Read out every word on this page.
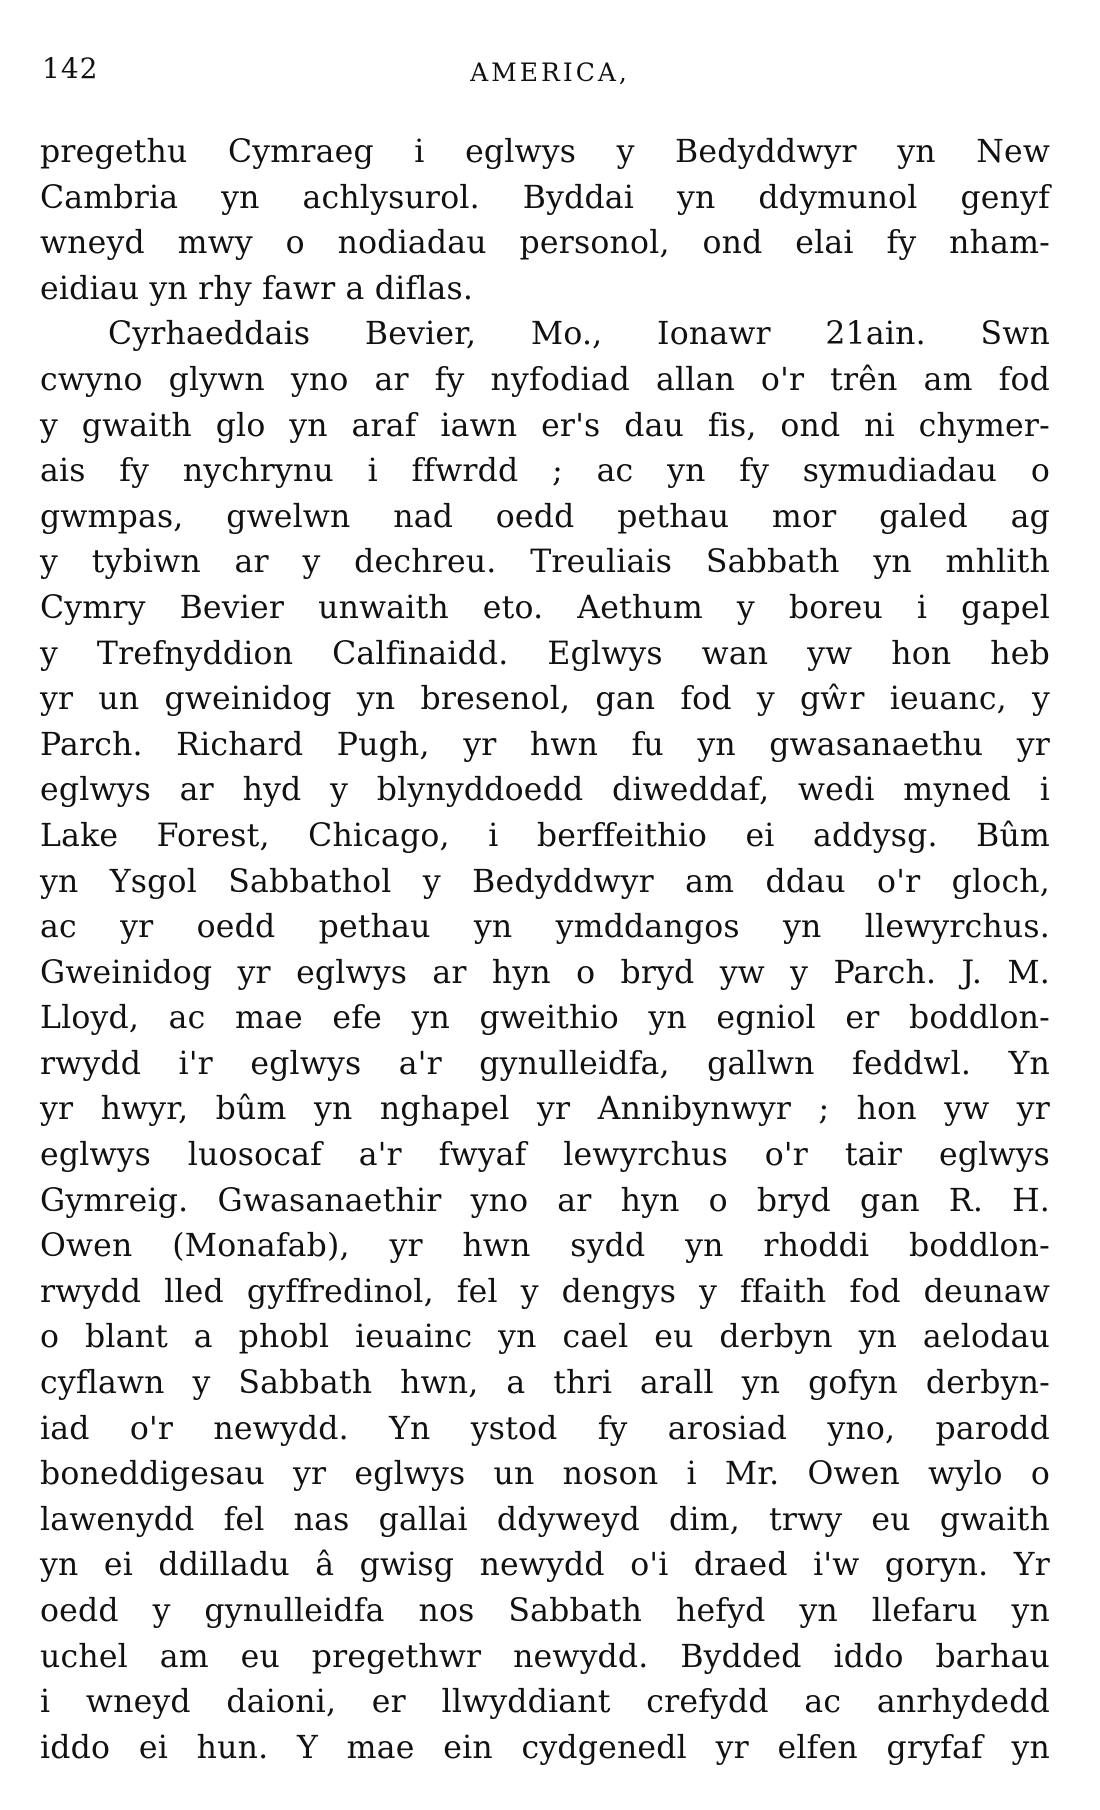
142	AMERICA,
pregethu Cymraeg i eglwys y Bedyddwyr yn New
Cambria yn achlysurol. Byddai yn ddymunol genyf
wneyd mwy o nodiadau personol, ond elai fy nham-
eidiau yn rhy fawr a diflas.
Cyrhaeddais Bevier, Mo., Ionawr 21ain. Swn
cwyno glywn yno ar fy nyfodiad allan o'r trên am fod
y gwaith glo yn araf iawn er's dau fis, ond ni chymer-
ais fy nychrynu i ffwrdd ; ac yn fy symudiadau o
gwmpas, gwelwn nad oedd pethau mor galed ag
y tybiwn ar y dechreu. Treuliais Sabbath yn mhlith
Cymry Bevier unwaith eto. Aethum y boreu i gapel
y Trefnyddion Calfinaidd. Eglwys wan yw hon heb
yr un gweinidog yn bresenol, gan fod y gŵr ieuanc, y
Parch. Richard Pugh, yr hwn fu yn gwasanaethu yr
eglwys ar hyd y blynyddoedd diweddaf, wedi myned i
Lake Forest, Chicago, i berffeithio ei addysg. Bûm
yn Ysgol Sabbathol y Bedyddwyr am ddau o'r gloch,
ac yr oedd pethau yn ymddangos yn llewyrchus.
Gweinidog yr eglwys ar hyn o bryd yw y Parch. J. M.
Lloyd, ac mae efe yn gweithio yn egniol er boddlon-
rwydd i'r eglwys a'r gynulleidfa, gallwn feddwl. Yn
yr hwyr, bûm yn nghapel yr Annibynwyr ; hon yw yr
eglwys luosocaf a'r fwyaf lewyrchus o'r tair eglwys
Gymreig. Gwasanaethir yno ar hyn o bryd gan R. H.
Owen (Monafab), yr hwn sydd yn rhoddi boddlon-
rwydd lled gyffredinol, fel y dengys y ffaith fod deunaw
o blant a phobl ieuainc yn cael eu derbyn yn aelodau
cyflawn y Sabbath hwn, a thri arall yn gofyn derbyn-
iad o'r newydd. Yn ystod fy arosiad yno, parodd
boneddigesau yr eglwys un noson i Mr. Owen wylo o
lawenydd fel nas gallai ddyweyd dim, trwy eu gwaith
yn ei ddilladu â gwisg newydd o'i draed i'w goryn. Yr
oedd y gynulleidfa nos Sabbath hefyd yn llefaru yn
uchel am eu pregethwr newydd. Bydded iddo barhau
i wneyd daioni, er llwyddiant crefydd ac anrhydedd
iddo ei hun. Y mae ein cydgenedl yr elfen gryfaf yn
